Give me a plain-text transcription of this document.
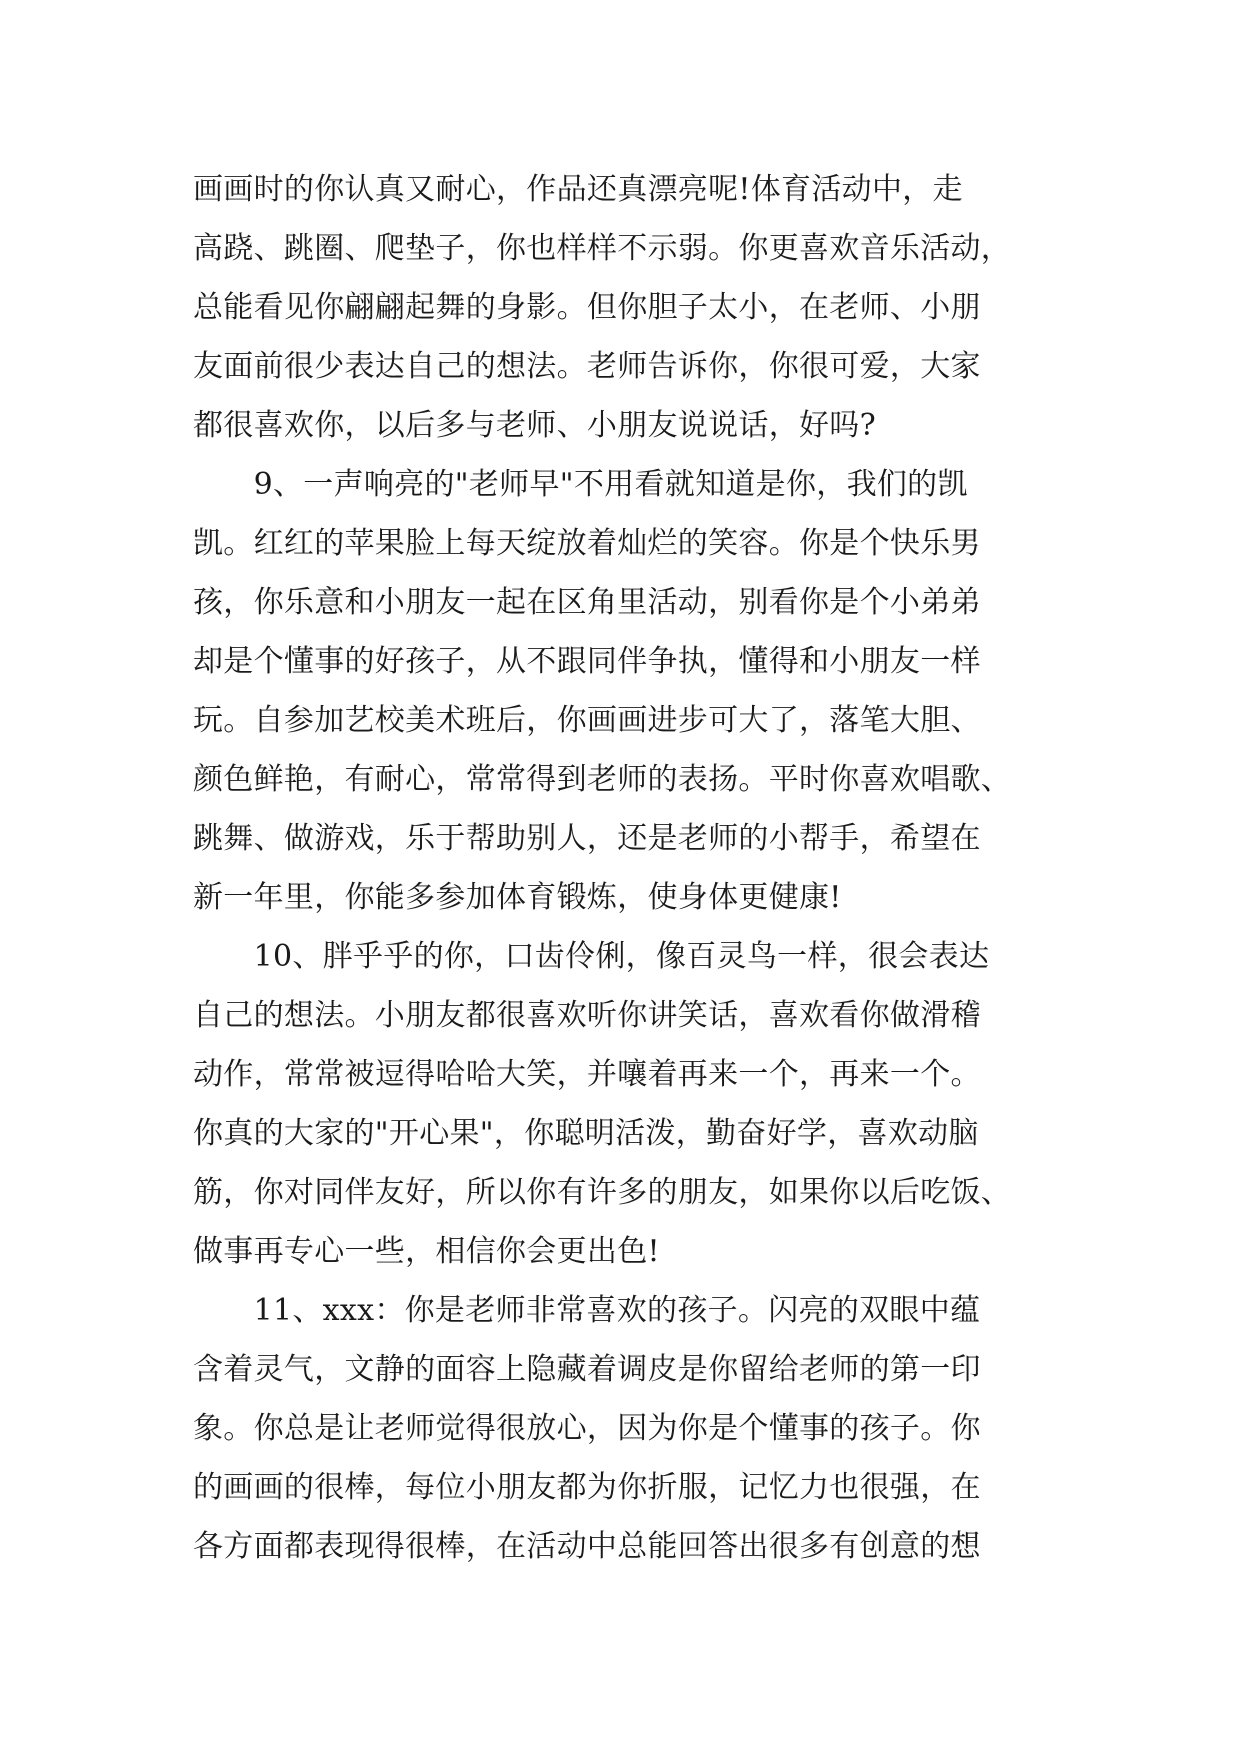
画画时的你认真又耐心，作品还真漂亮呢!体育活动中，走
高跷、跳圈、爬垫子，你也样样不示弱。你更喜欢音乐活动，
总能看见你翩翩起舞的身影。但你胆子太小，在老师、小朋
友面前很少表达自己的想法。老师告诉你，你很可爱，大家
都很喜欢你，以后多与老师、小朋友说说话，好吗?
　　9、一声响亮的"老师早"不用看就知道是你，我们的凯
凯。红红的苹果脸上每天绽放着灿烂的笑容。你是个快乐男
孩，你乐意和小朋友一起在区角里活动，别看你是个小弟弟
却是个懂事的好孩子，从不跟同伴争执，懂得和小朋友一样
玩。自参加艺校美术班后，你画画进步可大了，落笔大胆、
颜色鲜艳，有耐心，常常得到老师的表扬。平时你喜欢唱歌、
跳舞、做游戏，乐于帮助别人，还是老师的小帮手，希望在
新一年里，你能多参加体育锻炼，使身体更健康!
　　10、胖乎乎的你，口齿伶俐，像百灵鸟一样，很会表达
自己的想法。小朋友都很喜欢听你讲笑话，喜欢看你做滑稽
动作，常常被逗得哈哈大笑，并嚷着再来一个，再来一个。
你真的大家的"开心果"，你聪明活泼，勤奋好学，喜欢动脑
筋，你对同伴友好，所以你有许多的朋友，如果你以后吃饭、
做事再专心一些，相信你会更出色!
　　11、xxx：你是老师非常喜欢的孩子。闪亮的双眼中蕴
含着灵气，文静的面容上隐藏着调皮是你留给老师的第一印
象。你总是让老师觉得很放心，因为你是个懂事的孩子。你
的画画的很棒，每位小朋友都为你折服，记忆力也很强，在
各方面都表现得很棒，在活动中总能回答出很多有创意的想
